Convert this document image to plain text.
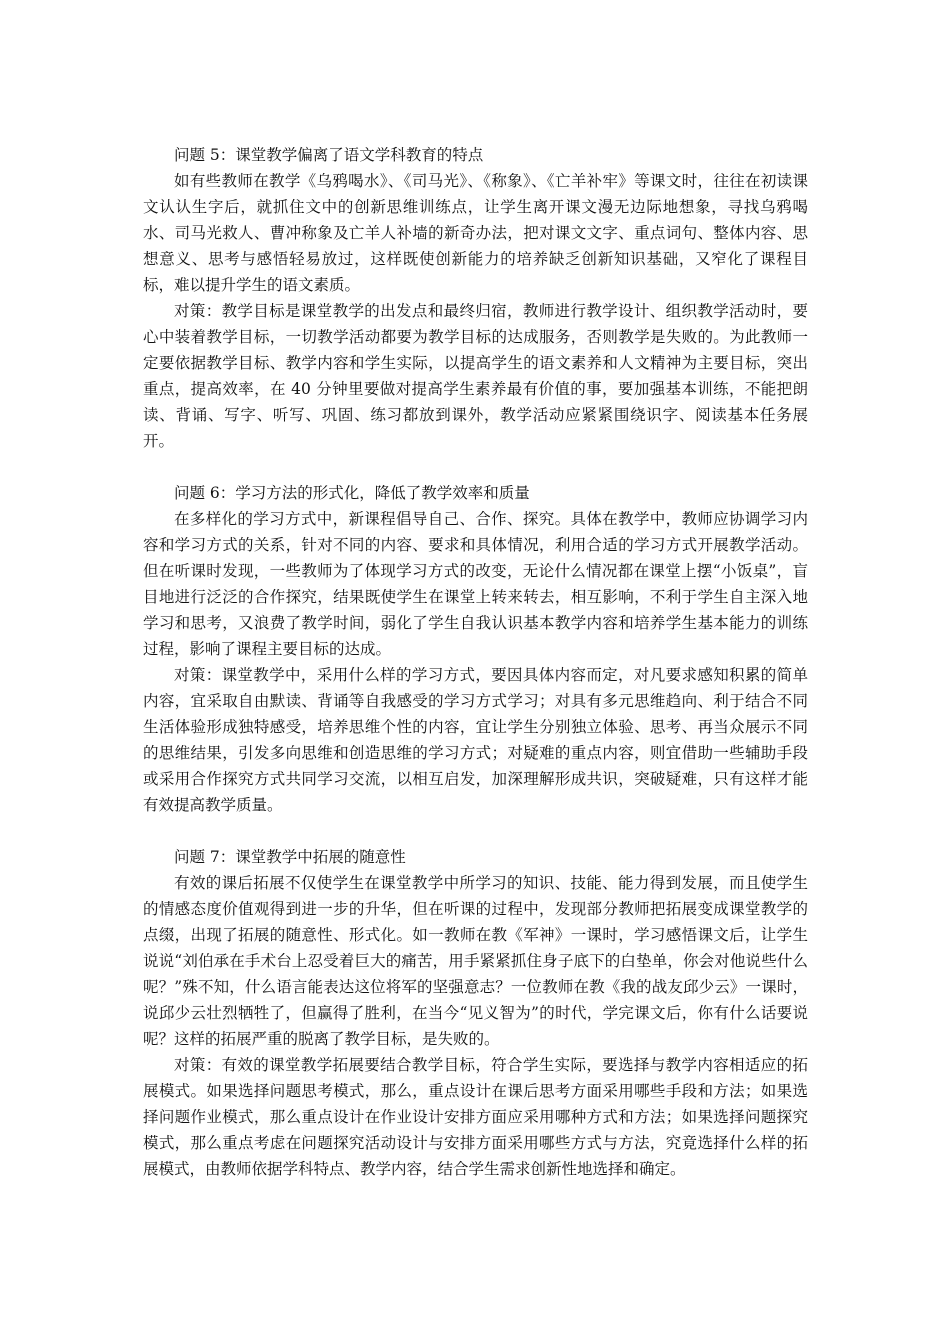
问题 5：课堂教学偏离了语文学科教育的特点

如有些教师在教学《乌鸦喝水》、《司马光》、《称象》、《亡羊补牢》等课文时，往往在初读课文认认生字后，就抓住文中的创新思维训练点，让学生离开课文漫无边际地想象，寻找乌鸦喝水、司马光救人、曹冲称象及亡羊人补墙的新奇办法，把对课文文字、重点词句、整体内容、思想意义、思考与感悟轻易放过，这样既使创新能力的培养缺乏创新知识基础，又窄化了课程目标，难以提升学生的语文素质。

对策：教学目标是课堂教学的出发点和最终归宿，教师进行教学设计、组织教学活动时，要心中装着教学目标，一切教学活动都要为教学目标的达成服务，否则教学是失败的。为此教师一定要依据教学目标、教学内容和学生实际，以提高学生的语文素养和人文精神为主要目标，突出重点，提高效率，在 40 分钟里要做对提高学生素养最有价值的事，要加强基本训练，不能把朗读、背诵、写字、听写、巩固、练习都放到课外，教学活动应紧紧围绕识字、阅读基本任务展开。

问题 6：学习方法的形式化，降低了教学效率和质量

在多样化的学习方式中，新课程倡导自己、合作、探究。具体在教学中，教师应协调学习内容和学习方式的关系，针对不同的内容、要求和具体情况，利用合适的学习方式开展教学活动。但在听课时发现，一些教师为了体现学习方式的改变，无论什么情况都在课堂上摆“小饭桌”，盲目地进行泛泛的合作探究，结果既使学生在课堂上转来转去，相互影响，不利于学生自主深入地学习和思考，又浪费了教学时间，弱化了学生自我认识基本教学内容和培养学生基本能力的训练过程，影响了课程主要目标的达成。

对策：课堂教学中，采用什么样的学习方式，要因具体内容而定，对凡要求感知积累的简单内容，宜采取自由默读、背诵等自我感受的学习方式学习；对具有多元思维趋向、利于结合不同生活体验形成独特感受，培养思维个性的内容，宜让学生分别独立体验、思考、再当众展示不同的思维结果，引发多向思维和创造思维的学习方式；对疑难的重点内容，则宜借助一些辅助手段或采用合作探究方式共同学习交流，以相互启发，加深理解形成共识，突破疑难，只有这样才能有效提高教学质量。

问题 7：课堂教学中拓展的随意性

有效的课后拓展不仅使学生在课堂教学中所学习的知识、技能、能力得到发展，而且使学生的情感态度价值观得到进一步的升华，但在听课的过程中，发现部分教师把拓展变成课堂教学的点缀，出现了拓展的随意性、形式化。如一教师在教《军神》一课时，学习感悟课文后，让学生说说“刘伯承在手术台上忍受着巨大的痛苦，用手紧紧抓住身子底下的白垫单，你会对他说些什么呢？”殊不知，什么语言能表达这位将军的坚强意志？一位教师在教《我的战友邱少云》一课时，说邱少云壮烈牺牲了，但赢得了胜利，在当今“见义智为”的时代，学完课文后，你有什么话要说呢？这样的拓展严重的脱离了教学目标，是失败的。

对策：有效的课堂教学拓展要结合教学目标，符合学生实际，要选择与教学内容相适应的拓展模式。如果选择问题思考模式，那么，重点设计在课后思考方面采用哪些手段和方法；如果选择问题作业模式，那么重点设计在作业设计安排方面应采用哪种方式和方法；如果选择问题探究模式，那么重点考虑在问题探究活动设计与安排方面采用哪些方式与方法，究竟选择什么样的拓展模式，由教师依据学科特点、教学内容，结合学生需求创新性地选择和确定。
